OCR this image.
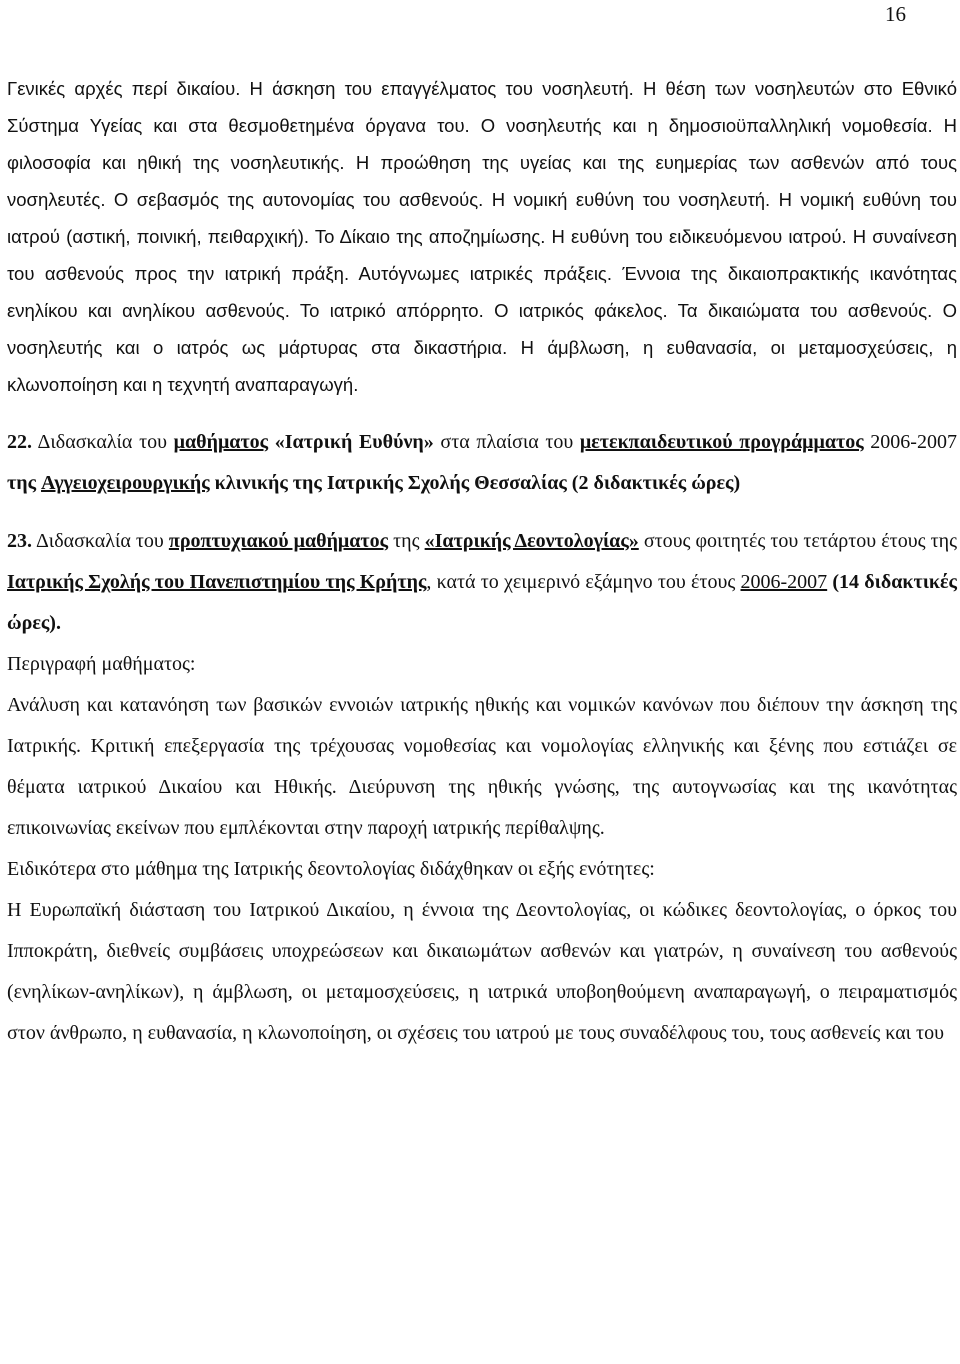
16

Γενικές αρχές περί δικαίου. Η άσκηση του επαγγέλματος του νοσηλευτή. Η θέση των νοσηλευτών στο Εθνικό Σύστημα Υγείας και στα θεσμοθετημένα όργανα του. Ο νοσηλευτής και η δημοσιοϋπαλληλική νομοθεσία. Η φιλοσοφία και ηθική της νοσηλευτικής. Η προώθηση της υγείας και της ευημερίας των ασθενών από τους νοσηλευτές. Ο σεβασμός της αυτονομίας του ασθενούς. Η νομική ευθύνη του νοσηλευτή. Η νομική ευθύνη του ιατρού (αστική, ποινική, πειθαρχική). Το Δίκαιο της αποζημίωσης. Η ευθύνη του ειδικευόμενου ιατρού. Η συναίνεση του ασθενούς προς την ιατρική πράξη. Αυτόγνωμες ιατρικές πράξεις. Έννοια της δικαιοπρακτικής ικανότητας ενηλίκου και ανηλίκου ασθενούς. Το ιατρικό απόρρητο. Ο ιατρικός φάκελος. Τα δικαιώματα του ασθενούς. Ο νοσηλευτής και ο ιατρός ως μάρτυρας στα δικαστήρια. Η άμβλωση, η ευθανασία, οι μεταμοσχεύσεις, η κλωνοποίηση και η τεχνητή αναπαραγωγή.

22. Διδασκαλία του μαθήματος «Ιατρική Ευθύνη» στα πλαίσια του μετεκπαιδευτικού προγράμματος 2006-2007 της Αγγειοχειρουργικής κλινικής της Ιατρικής Σχολής Θεσσαλίας (2 διδακτικές ώρες)

23. Διδασκαλία του προπτυχιακού μαθήματος της «Ιατρικής Δεοντολογίας» στους φοιτητές του τετάρτου έτους της Ιατρικής Σχολής του Πανεπιστημίου της Κρήτης, κατά το χειμερινό εξάμηνο του έτους 2006-2007 (14 διδακτικές ώρες).

Περιγραφή μαθήματος:

Ανάλυση και κατανόηση των βασικών εννοιών ιατρικής ηθικής και νομικών κανόνων που διέπουν την άσκηση της Ιατρικής. Κριτική επεξεργασία της τρέχουσας νομοθεσίας και νομολογίας ελληνικής και ξένης που εστιάζει σε θέματα ιατρικού Δικαίου και Ηθικής. Διεύρυνση της ηθικής γνώσης, της αυτογνωσίας και της ικανότητας επικοινωνίας εκείνων που εμπλέκονται στην παροχή ιατρικής περίθαλψης.

Ειδικότερα στο μάθημα της Ιατρικής δεοντολογίας διδάχθηκαν οι εξής ενότητες:

Η Ευρωπαϊκή διάσταση του Ιατρικού Δικαίου, η έννοια της Δεοντολογίας, οι κώδικες δεοντολογίας, ο όρκος του Ιπποκράτη, διεθνείς συμβάσεις υποχρεώσεων και δικαιωμάτων ασθενών και γιατρών, η συναίνεση του ασθενούς (ενηλίκων-ανηλίκων), η άμβλωση, οι μεταμοσχεύσεις, η ιατρικά υποβοηθούμενη αναπαραγωγή, ο πειραματισμός στον άνθρωπο, η ευθανασία, η κλωνοποίηση, οι σχέσεις του ιατρού με τους συναδέλφους του, τους ασθενείς και του
